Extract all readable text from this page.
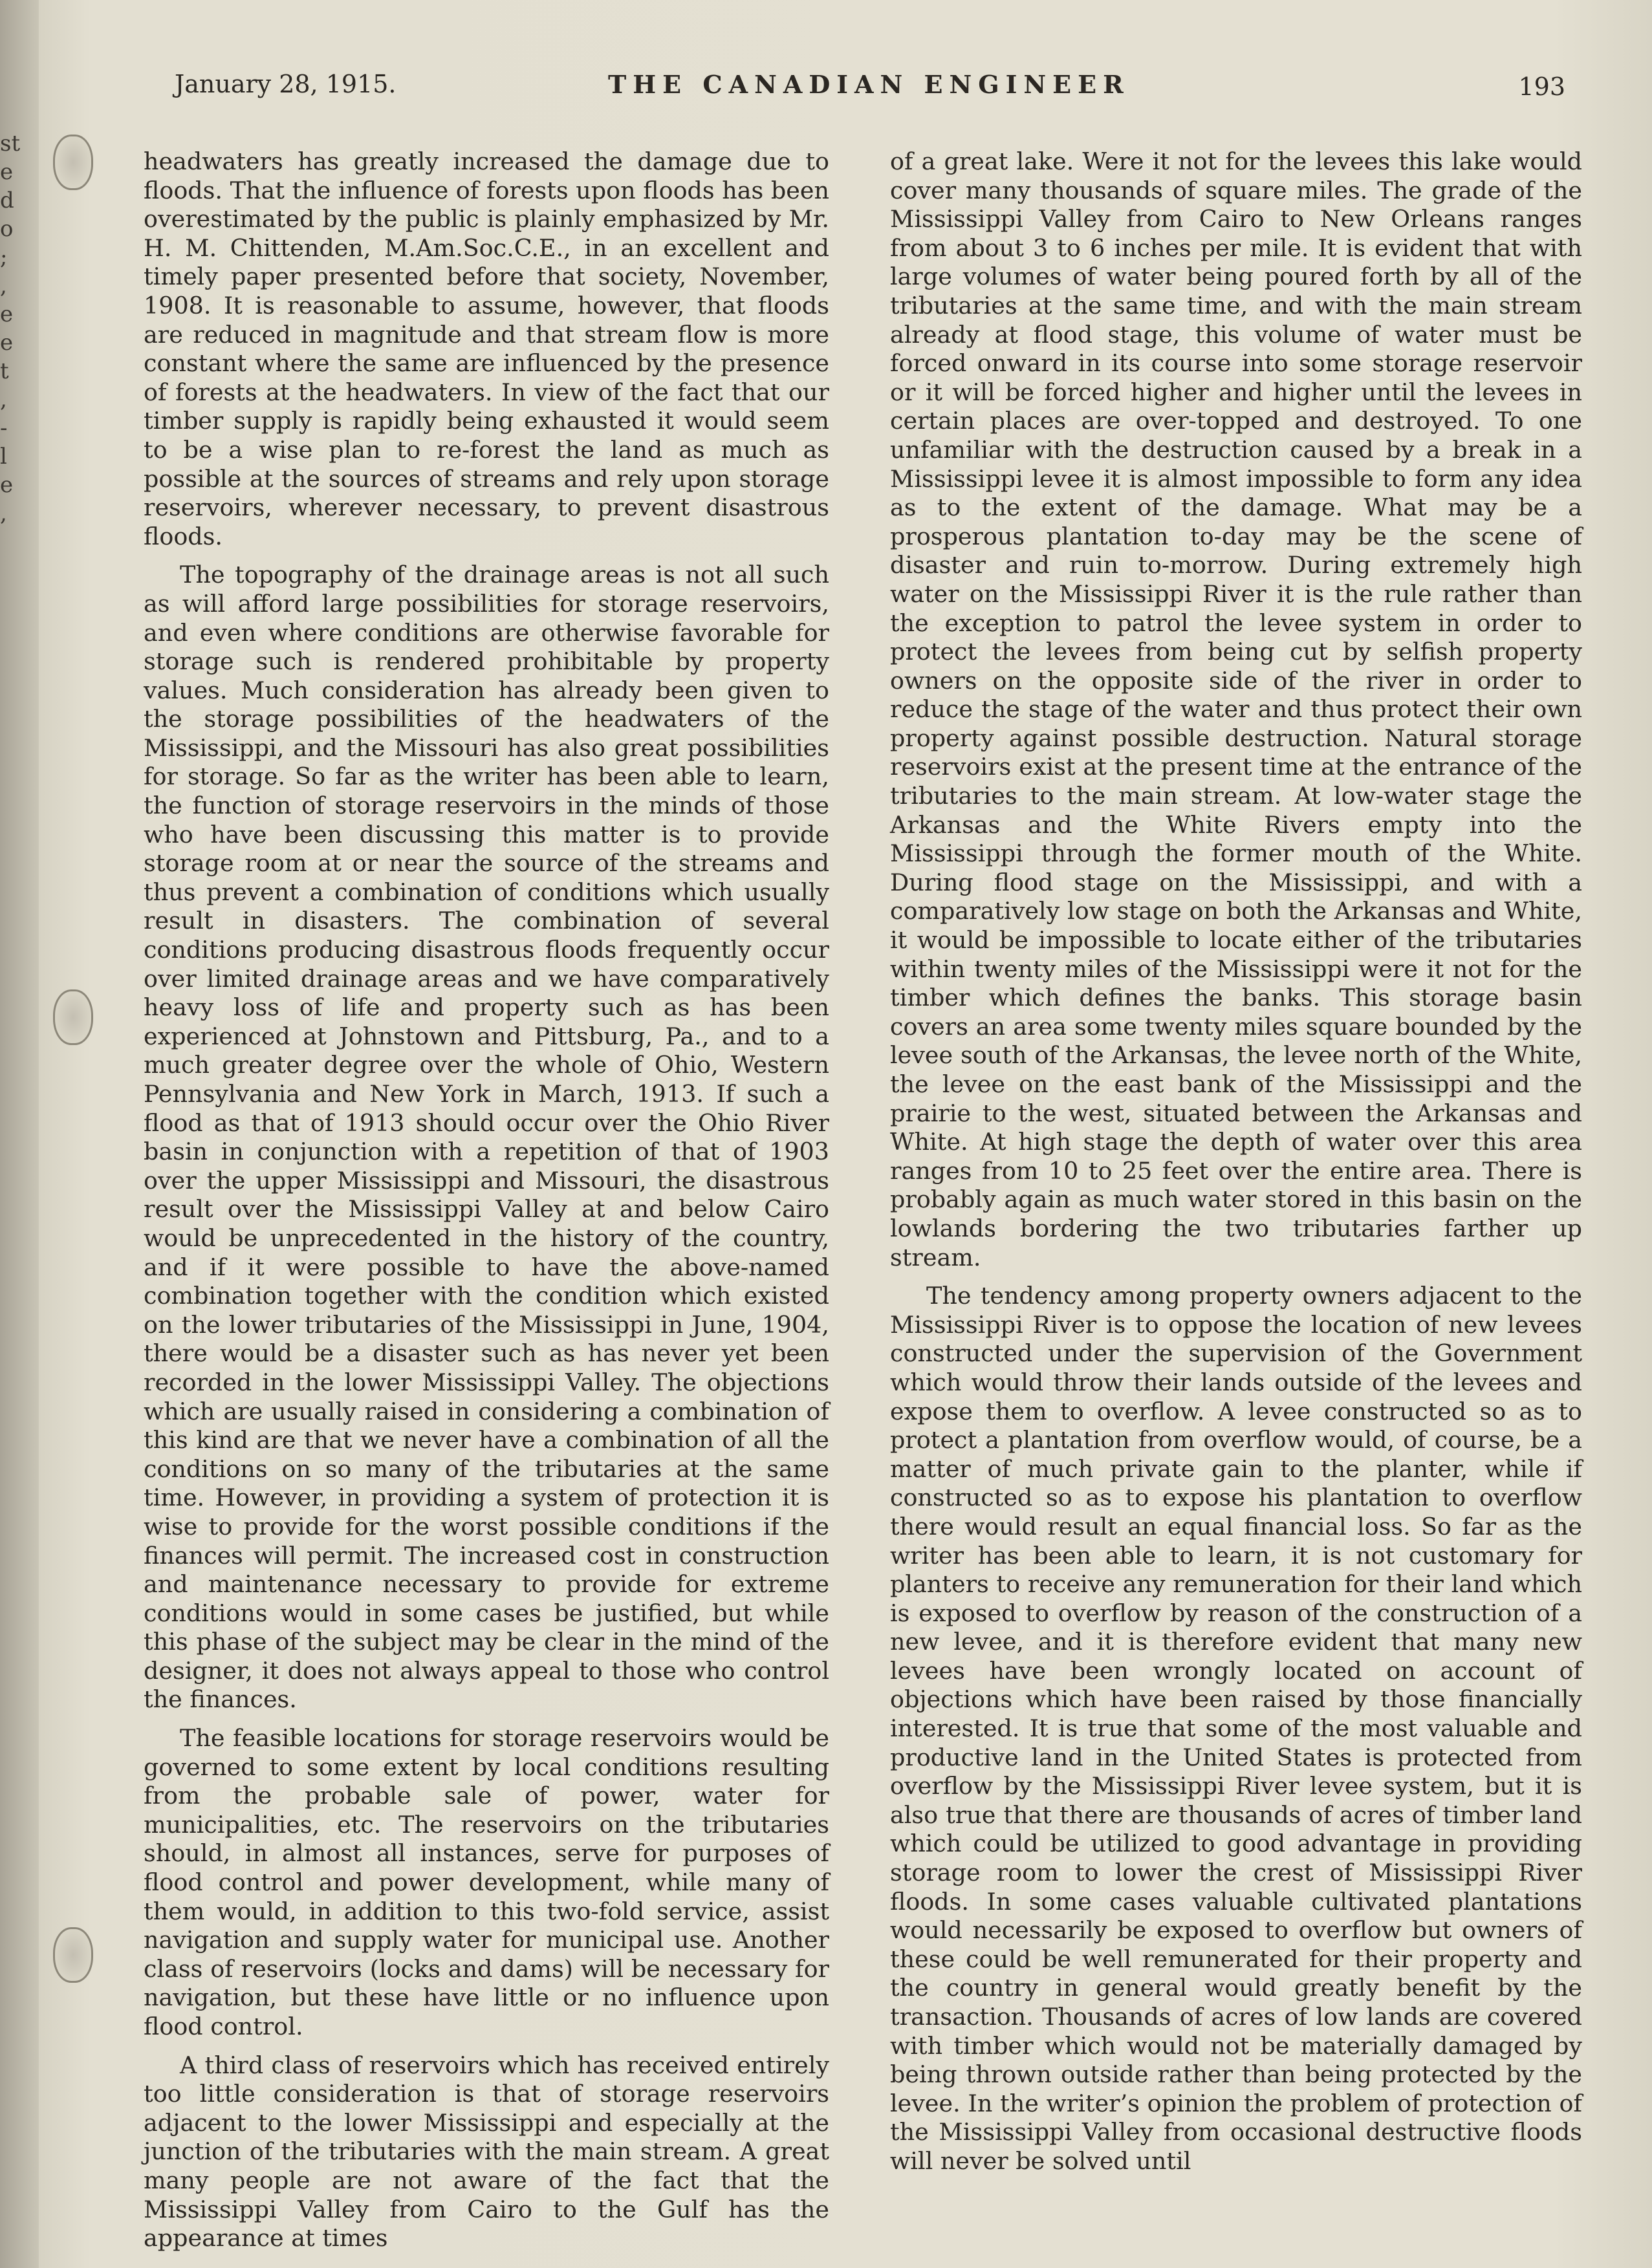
st
e
d
o
;
,
e
e
t
,
-
l
e
,
January 28, 1915.	THE CANADIAN ENGINEER	193

headwaters has greatly increased the damage due to floods. That the influence of forests upon floods has been overestimated by the public is plainly emphasized by Mr. H. M. Chittenden, M.Am.Soc.C.E., in an excellent and timely paper presented before that society, November, 1908. It is reasonable to assume, however, that floods are reduced in magnitude and that stream flow is more constant where the same are influenced by the presence of forests at the headwaters. In view of the fact that our timber supply is rapidly being exhausted it would seem to be a wise plan to re-forest the land as much as possible at the sources of streams and rely upon storage reservoirs, wherever necessary, to prevent disastrous floods.

The topography of the drainage areas is not all such as will afford large possibilities for storage reservoirs, and even where conditions are otherwise favorable for storage such is rendered prohibitable by property values. Much consideration has already been given to the storage possibilities of the headwaters of the Mississippi, and the Missouri has also great possibilities for storage. So far as the writer has been able to learn, the function of storage reservoirs in the minds of those who have been discussing this matter is to provide storage room at or near the source of the streams and thus prevent a combination of conditions which usually result in disasters. The combination of several conditions producing disastrous floods frequently occur over limited drainage areas and we have comparatively heavy loss of life and property such as has been experienced at Johnstown and Pittsburg, Pa., and to a much greater degree over the whole of Ohio, Western Pennsylvania and New York in March, 1913. If such a flood as that of 1913 should occur over the Ohio River basin in conjunction with a repetition of that of 1903 over the upper Mississippi and Missouri, the disastrous result over the Mississippi Valley at and below Cairo would be unprecedented in the history of the country, and if it were possible to have the above-named combination together with the condition which existed on the lower tributaries of the Mississippi in June, 1904, there would be a disaster such as has never yet been recorded in the lower Mississippi Valley. The objections which are usually raised in considering a combination of this kind are that we never have a combination of all the conditions on so many of the tributaries at the same time. However, in providing a system of protection it is wise to provide for the worst possible conditions if the finances will permit. The increased cost in construction and maintenance necessary to provide for extreme conditions would in some cases be justified, but while this phase of the subject may be clear in the mind of the designer, it does not always appeal to those who control the finances.

The feasible locations for storage reservoirs would be governed to some extent by local conditions resulting from the probable sale of power, water for municipalities, etc. The reservoirs on the tributaries should, in almost all instances, serve for purposes of flood control and power development, while many of them would, in addition to this two-fold service, assist navigation and supply water for municipal use. Another class of reservoirs (locks and dams) will be necessary for navigation, but these have little or no influence upon flood control.

A third class of reservoirs which has received entirely too little consideration is that of storage reservoirs adjacent to the lower Mississippi and especially at the junction of the tributaries with the main stream. A great many people are not aware of the fact that the Mississippi Valley from Cairo to the Gulf has the appearance at times

of a great lake. Were it not for the levees this lake would cover many thousands of square miles. The grade of the Mississippi Valley from Cairo to New Orleans ranges from about 3 to 6 inches per mile. It is evident that with large volumes of water being poured forth by all of the tributaries at the same time, and with the main stream already at flood stage, this volume of water must be forced onward in its course into some storage reservoir or it will be forced higher and higher until the levees in certain places are over-topped and destroyed. To one unfamiliar with the destruction caused by a break in a Mississippi levee it is almost impossible to form any idea as to the extent of the damage. What may be a prosperous plantation to-day may be the scene of disaster and ruin to-morrow. During extremely high water on the Mississippi River it is the rule rather than the exception to patrol the levee system in order to protect the levees from being cut by selfish property owners on the opposite side of the river in order to reduce the stage of the water and thus protect their own property against possible destruction. Natural storage reservoirs exist at the present time at the entrance of the tributaries to the main stream. At low-water stage the Arkansas and the White Rivers empty into the Mississippi through the former mouth of the White. During flood stage on the Mississippi, and with a comparatively low stage on both the Arkansas and White, it would be impossible to locate either of the tributaries within twenty miles of the Mississippi were it not for the timber which defines the banks. This storage basin covers an area some twenty miles square bounded by the levee south of the Arkansas, the levee north of the White, the levee on the east bank of the Mississippi and the prairie to the west, situated between the Arkansas and White. At high stage the depth of water over this area ranges from 10 to 25 feet over the entire area. There is probably again as much water stored in this basin on the lowlands bordering the two tributaries farther up stream.

The tendency among property owners adjacent to the Mississippi River is to oppose the location of new levees constructed under the supervision of the Government which would throw their lands outside of the levees and expose them to overflow. A levee constructed so as to protect a plantation from overflow would, of course, be a matter of much private gain to the planter, while if constructed so as to expose his plantation to overflow there would result an equal financial loss. So far as the writer has been able to learn, it is not customary for planters to receive any remuneration for their land which is exposed to overflow by reason of the construction of a new levee, and it is therefore evident that many new levees have been wrongly located on account of objections which have been raised by those financially interested. It is true that some of the most valuable and productive land in the United States is protected from overflow by the Mississippi River levee system, but it is also true that there are thousands of acres of timber land which could be utilized to good advantage in providing storage room to lower the crest of Mississippi River floods. In some cases valuable cultivated plantations would necessarily be exposed to overflow but owners of these could be well remunerated for their property and the country in general would greatly benefit by the transaction. Thousands of acres of low lands are covered with timber which would not be materially damaged by being thrown outside rather than being protected by the levee. In the writer’s opinion the problem of protection of the Mississippi Valley from occasional destructive floods will never be solved until
